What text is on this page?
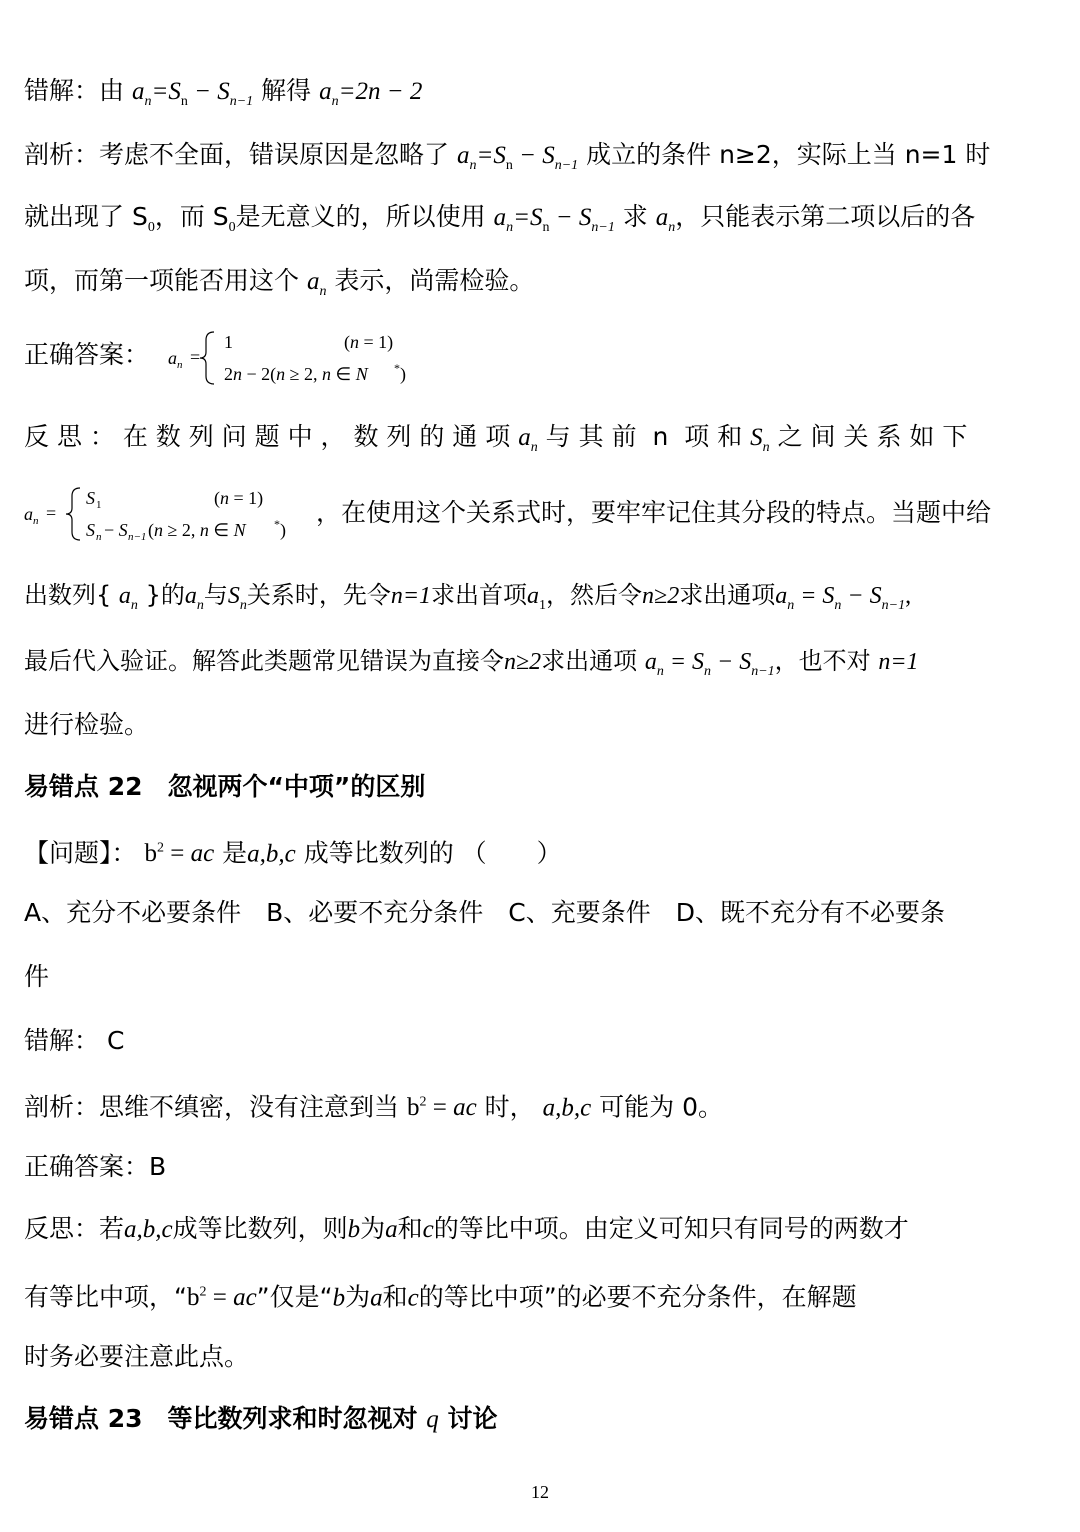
错解：由 $a_n=S_n - S_{n-1}$ 解得 $a_n=2n - 2$
剖析：考虑不全面，错误原因是忽略了 $a_n=S_n - S_{n-1}$ 成立的条件 n≥2，实际上当 n=1 时
就出现了 $S_0$，而 $S_0$是无意义的，所以使用 $a_n=S_n - S_{n-1}$ 求 $a_n$，只能表示第二项以后的各
项，而第一项能否用这个 $a_n$ 表示，尚需检验。
正确答案：	a n =
1	(n = 1)
2n − 2(n ≥ 2, n ∈ N * )
反 思 ： 在 数 列 问 题 中 ， 数 列 的 通 项 $a_n$ 与 其 前 n 项 和 $S_n$ 之 间 关 系 如 下
a n =
S 1	(n = 1)
S n − S n−1 (n ≥ 2, n ∈ N * )
，在使用这个关系式时，要牢牢记住其分段的特点。当题中给
出数列{ $a_n$ }的$a_n$与$S_n$关系时，先令n=1求出首项$a_1$，然后令n≥2求出通项$a_n = S_n - S_{n-1}$,
最后代入验证。解答此类题常见错误为直接令n≥2求出通项 $a_n = S_n - S_{n-1}$，也不对 n=1
进行检验。
易错点 22　忽视两个“中项”的区别
【问题】： $b^2$ = ac 是a,b,c 成等比数列的 （　　）
A、充分不必要条件　B、必要不充分条件　C、充要条件　D、既不充分有不必要条
件
错解： C
剖析：思维不缜密，没有注意到当 $b^2$ = ac 时， a,b,c 可能为 0。
正确答案：B
反思：若a,b,c成等比数列，则b为a和c的等比中项。由定义可知只有同号的两数才
有等比中项，“$b^2$ = ac”仅是“b为a和c的等比中项”的必要不充分条件，在解题
时务必要注意此点。
易错点 23　等比数列求和时忽视对 q 讨论
12
